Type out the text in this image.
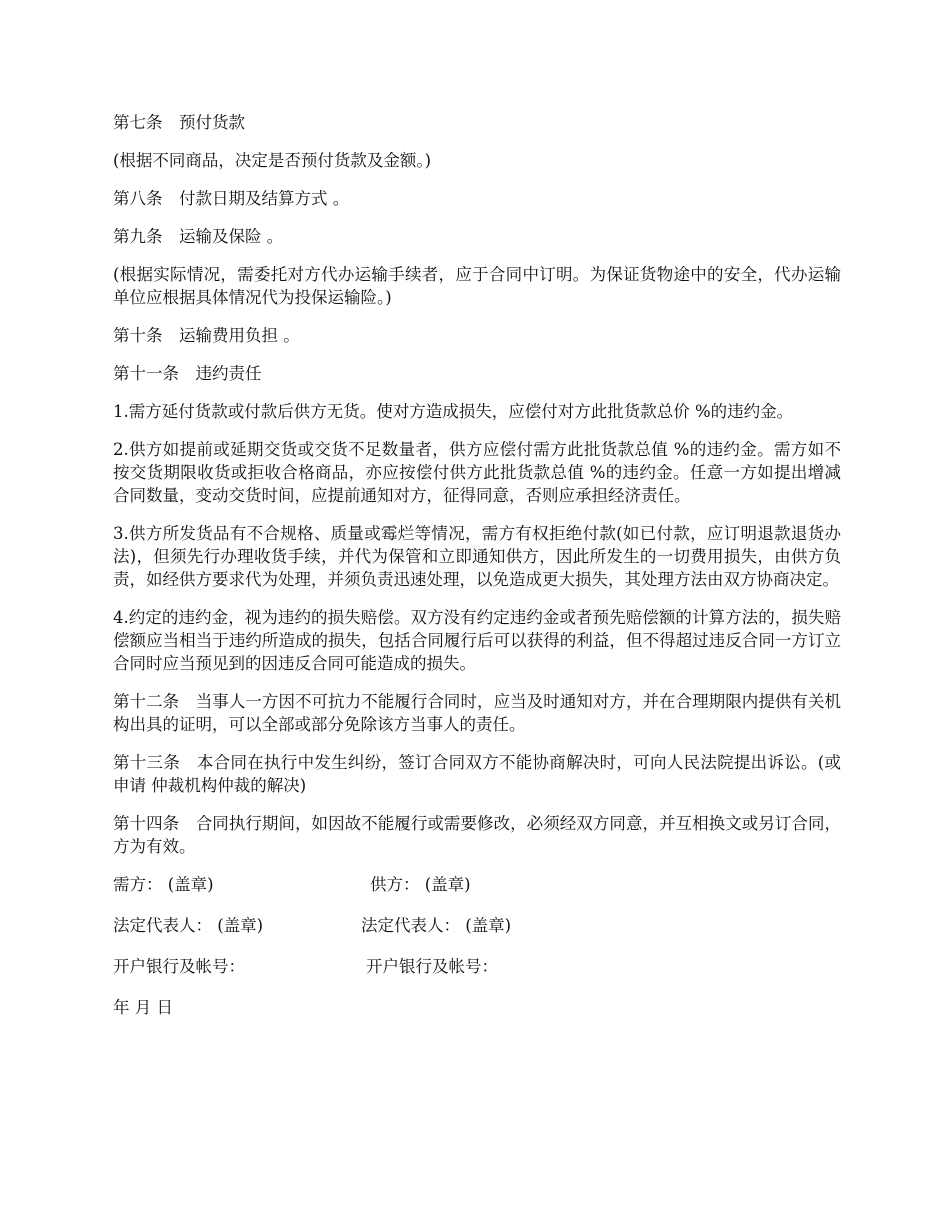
第七条　预付货款

(根据不同商品，决定是否预付货款及金额。)

第八条　付款日期及结算方式 。

第九条　运输及保险 。

(根据实际情况，需委托对方代办运输手续者，应于合同中订明。为保证货物途中的安全，代办运输单位应根据具体情况代为投保运输险。)

第十条　运输费用负担 。

第十一条　违约责任

1.需方延付货款或付款后供方无货。使对方造成损失，应偿付对方此批货款总价 %的违约金。

2.供方如提前或延期交货或交货不足数量者，供方应偿付需方此批货款总值 %的违约金。需方如不按交货期限收货或拒收合格商品，亦应按偿付供方此批货款总值 %的违约金。任意一方如提出增减合同数量，变动交货时间，应提前通知对方，征得同意，否则应承担经济责任。

3.供方所发货品有不合规格、质量或霉烂等情况，需方有权拒绝付款(如已付款，应订明退款退货办法)，但须先行办理收货手续，并代为保管和立即通知供方，因此所发生的一切费用损失，由供方负责，如经供方要求代为处理，并须负责迅速处理，以免造成更大损失，其处理方法由双方协商决定。

4.约定的违约金，视为违约的损失赔偿。双方没有约定违约金或者预先赔偿额的计算方法的，损失赔偿额应当相当于违约所造成的损失，包括合同履行后可以获得的利益，但不得超过违反合同一方订立合同时应当预见到的因违反合同可能造成的损失。

第十二条　当事人一方因不可抗力不能履行合同时，应当及时通知对方，并在合理期限内提供有关机构出具的证明，可以全部或部分免除该方当事人的责任。

第十三条　本合同在执行中发生纠纷，签订合同双方不能协商解决时，可向人民法院提出诉讼。(或申请 仲裁机构仲裁的解决)

第十四条　合同执行期间，如因故不能履行或需要修改，必须经双方同意，并互相换文或另订合同，方为有效。

需方： (盖章)	供方： (盖章)
法定代表人： (盖章)	法定代表人： (盖章)
开户银行及帐号：	开户银行及帐号：

年 月 日
